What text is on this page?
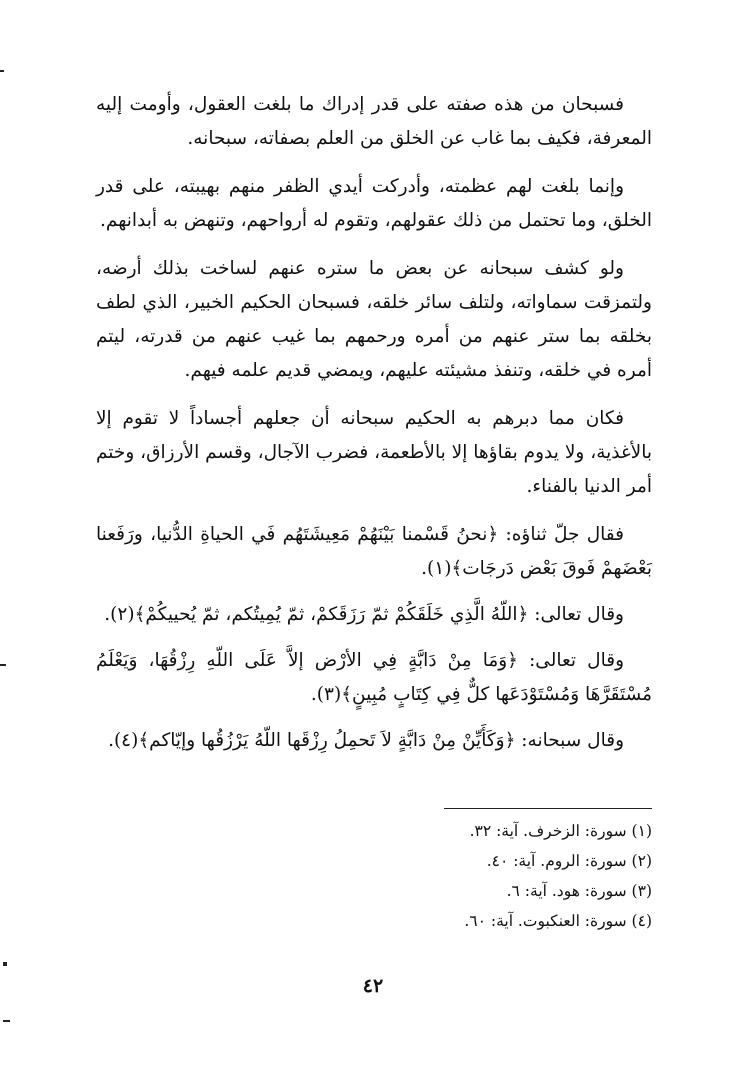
فسبحان من هذه صفته على قدر إدراك ما بلغت العقول، وأومت إليه المعرفة، فكيف بما غاب عن الخلق من العلم بصفاته، سبحانه.

وإنما بلغت لهم عظمته، وأدركت أيدي الظفر منهم بهيبته، على قدر الخلق، وما تحتمل من ذلك عقولهم، وتقوم له أرواحهم، وتنهض به أبدانهم.

ولو كشف سبحانه عن بعض ما ستره عنهم لساخت بذلك أرضه، ولتمزقت سماواته، ولتلف سائر خلقه، فسبحان الحكيم الخبير، الذي لطف بخلقه بما ستر عنهم من أمره ورحمهم بما غيب عنهم من قدرته، ليتم أمره في خلقه، وتنفذ مشيئته عليهم، ويمضي قديم علمه فيهم.

فكان مما دبرهم به الحكيم سبحانه أن جعلهم أجساداً لا تقوم إلا بالأغذية، ولا يدوم بقاؤها إلا بالأطعمة، فضرب الآجال، وقسم الأرزاق، وختم أمر الدنيا بالفناء.

فقال جلّ ثناؤه: ﴿نحنُ قَسْمنا بَيْنَهُمْ مَعِيشَتَهُم فَي الحياةِ الدُّنيا، ورَفَعنا بَعْضَهمْ فَوقَ بَعْض دَرجَات﴾(١).

وقال تعالى: ﴿اللّهُ الَّذِي خَلَقَكُمْ ثمّ رَزَقَكمْ، ثمّ يُمِيتُكم، ثمّ يُحييكُمْ﴾(٢).

وقال تعالى: ﴿وَمَا مِنْ دَابَّةٍ فِي الأرْض إلاَّ عَلَى اللّهِ رِزْقُهَا، وَيَعْلَمُ مُسْتَقَرَّهَا وَمُسْتَوْدَعَها كلٌّ فِي كِتَابٍ مُبِينٍ﴾(٣).

وقال سبحانه: ﴿وَكَأَيِّنْ مِنْ دَابَّةٍ لاَ تَحمِلُ رِزْقَها اللّهُ يَرْزُقُها وإيّاكم﴾(٤).

(١) سورة: الزخرف. آية: ٣٢.
(٢) سورة: الروم. آية: ٤٠.
(٣) سورة: هود. آية: ٦.
(٤) سورة: العنكبوت. آية: ٦٠.
٤٢
